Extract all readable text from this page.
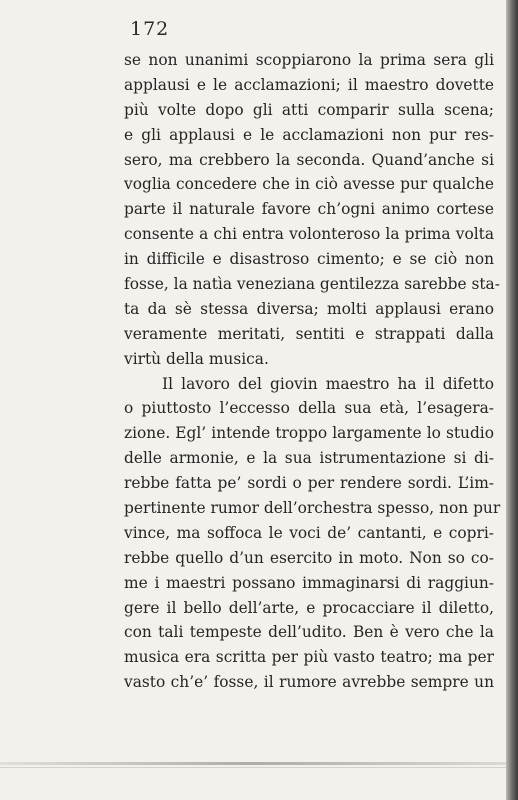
172
se non unanimi scoppiarono la prima sera gli
applausi e le acclamazioni; il maestro dovette
più volte dopo gli atti comparir sulla scena;
e gli applausi e le acclamazioni non pur res-
sero, ma crebbero la seconda. Quand’anche si
voglia concedere che in ciò avesse pur qualche
parte il naturale favore ch’ogni animo cortese
consente a chi entra volonteroso la prima volta
in difficile e disastroso cimento; e se ciò non
fosse, la natìa veneziana gentilezza sarebbe sta-
ta da sè stessa diversa; molti applausi erano
veramente meritati, sentiti e strappati dalla
virtù della musica.
Il lavoro del giovin maestro ha il difetto
o piuttosto l’eccesso della sua età, l’esagera-
zione. Egl’ intende troppo largamente lo studio
delle armonie, e la sua istrumentazione si di-
rebbe fatta pe’ sordi o per rendere sordi. L’im-
pertinente rumor dell’orchestra spesso, non pur
vince, ma soffoca le voci de’ cantanti, e copri-
rebbe quello d’un esercito in moto. Non so co-
me i maestri possano immaginarsi di raggiun-
gere il bello dell’arte, e procacciare il diletto,
con tali tempeste dell’udito. Ben è vero che la
musica era scritta per più vasto teatro; ma per
vasto ch’e’ fosse, il rumore avrebbe sempre un
